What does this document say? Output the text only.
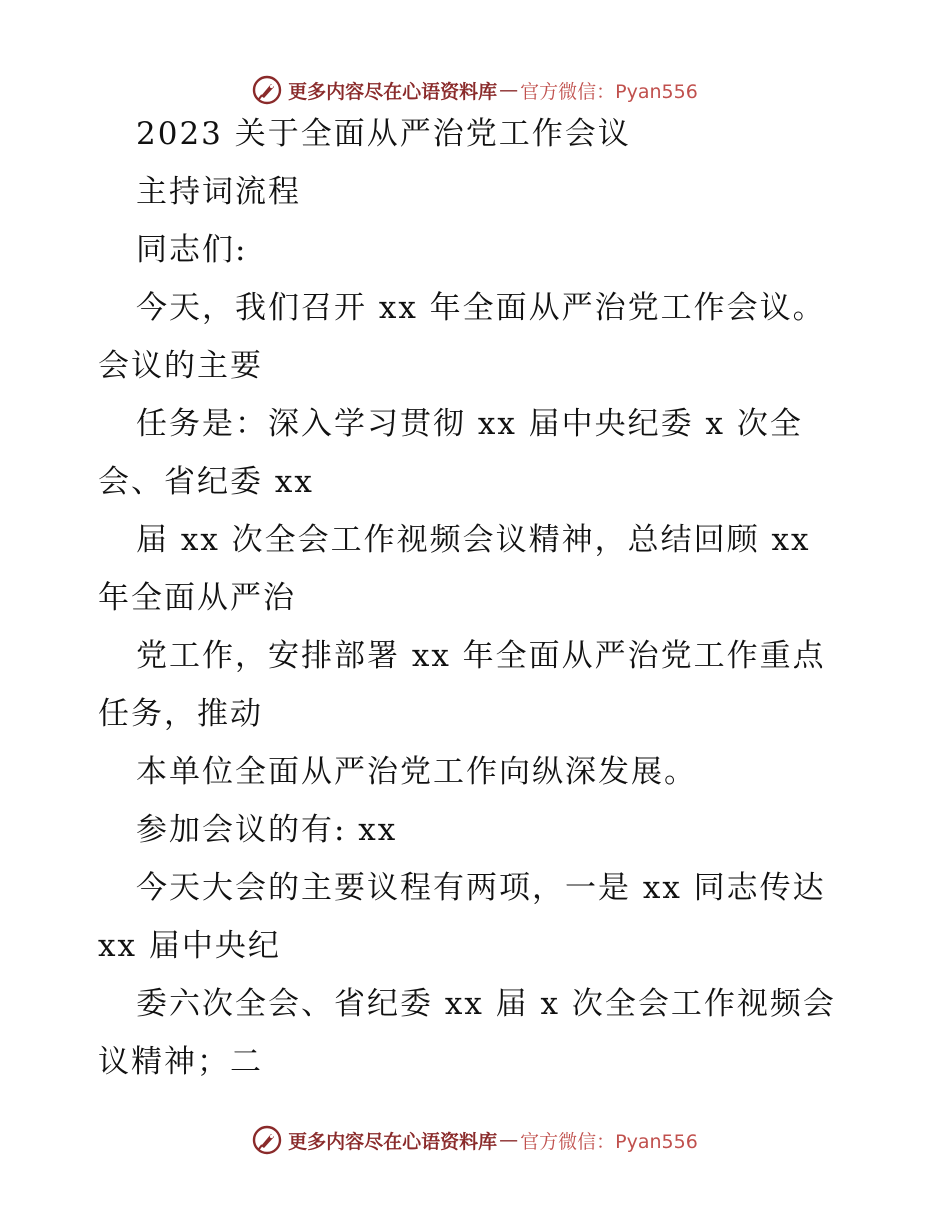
更多内容尽在心语资料库 — 官方微信：Pyan556
2023 关于全面从严治党工作会议
主持词流程
同志们:
今天，我们召开 xx 年全面从严治党工作会议。
会议的主要
任务是：深入学习贯彻 xx 届中央纪委 x 次全
会、省纪委 xx
届 xx 次全会工作视频会议精神，总结回顾 xx
年全面从严治
党工作，安排部署 xx 年全面从严治党工作重点
任务，推动
本单位全面从严治党工作向纵深发展。
参加会议的有: xx
今天大会的主要议程有两项，一是 xx 同志传达
xx 届中央纪
委六次全会、省纪委 xx 届 x 次全会工作视频会
议精神；二
更多内容尽在心语资料库 — 官方微信：Pyan556
